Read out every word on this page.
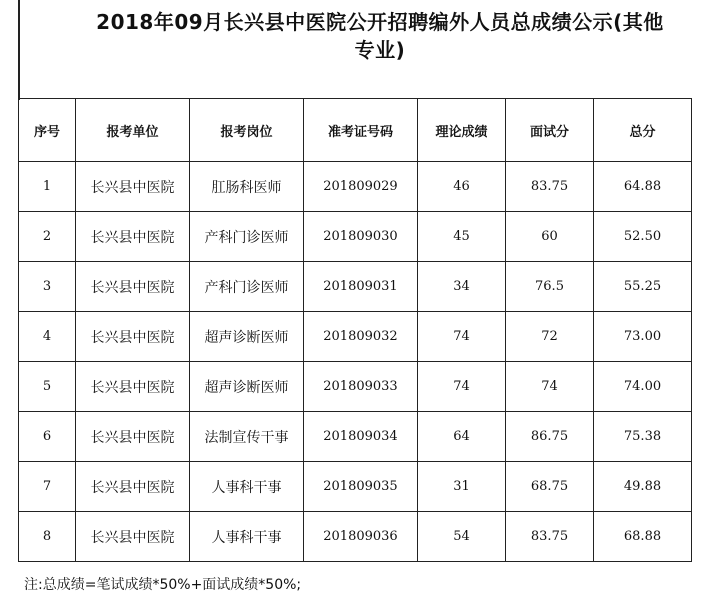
2018年09月长兴县中医院公开招聘编外人员总成绩公示(其他
专业)
序号	报考单位	报考岗位	准考证号码	理论成绩	面试分	总分
1	长兴县中医院	肛肠科医师	201809029	46	83.75	64.88
2	长兴县中医院	产科门诊医师	201809030	45	60	52.50
3	长兴县中医院	产科门诊医师	201809031	34	76.5	55.25
4	长兴县中医院	超声诊断医师	201809032	74	72	73.00
5	长兴县中医院	超声诊断医师	201809033	74	74	74.00
6	长兴县中医院	法制宣传干事	201809034	64	86.75	75.38
7	长兴县中医院	人事科干事	201809035	31	68.75	49.88
8	长兴县中医院	人事科干事	201809036	54	83.75	68.88
注:总成绩=笔试成绩*50%+面试成绩*50%;
